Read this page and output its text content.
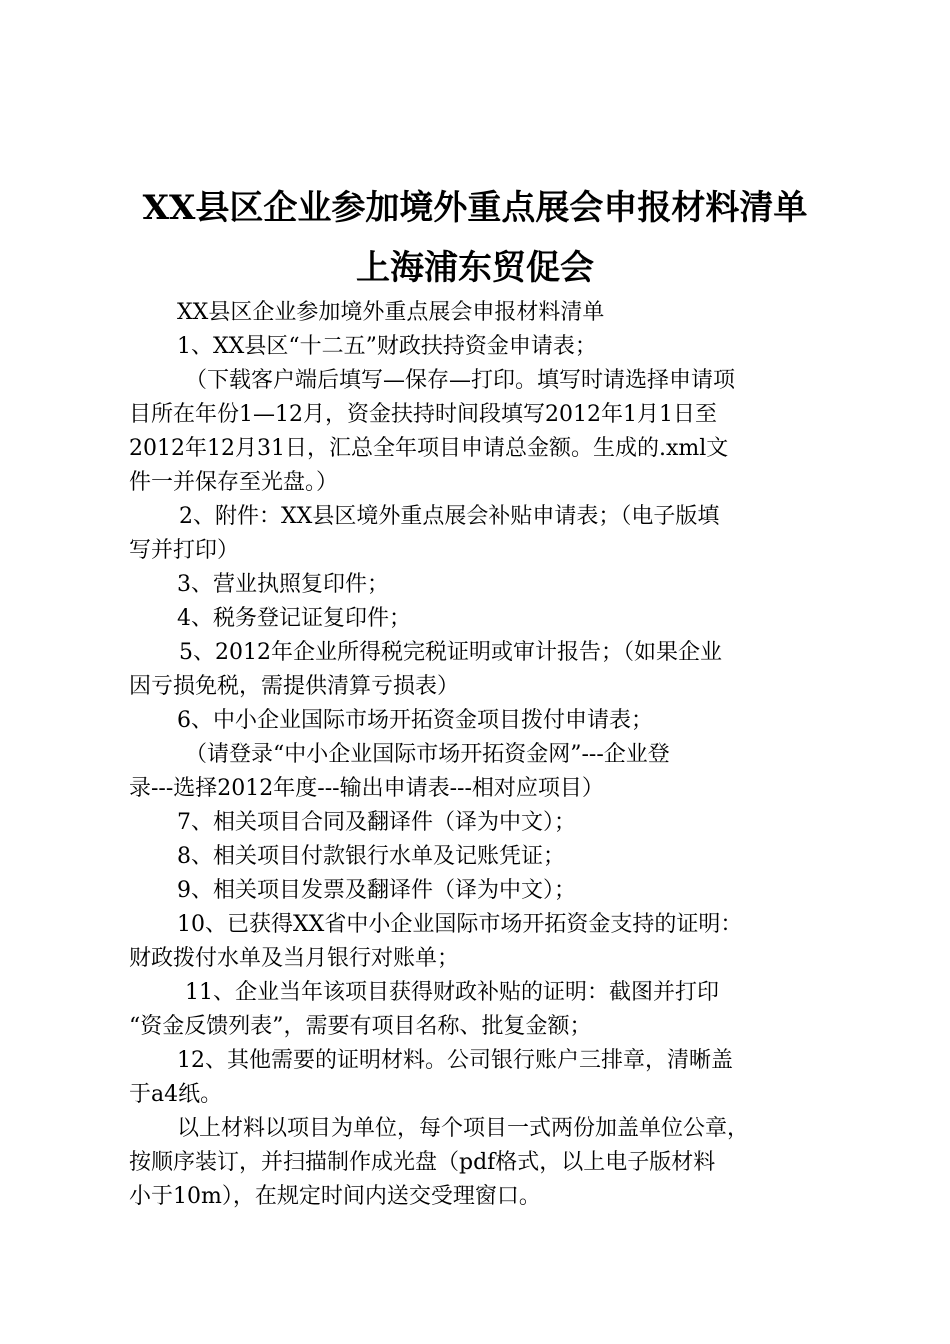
XX县区企业参加境外重点展会申报材料清单
上海浦东贸促会
XX县区企业参加境外重点展会申报材料清单
1、XX县区“十二五”财政扶持资金申请表；
（下载客户端后填写—保存—打印。填写时请选择申请项
目所在年份1—12月，资金扶持时间段填写2012年1月1日至
2012年12月31日，汇总全年项目申请总金额。生成的.xml文
件一并保存至光盘。）
2、附件：XX县区境外重点展会补贴申请表；（电子版填
写并打印）
3、营业执照复印件；
4、税务登记证复印件；
5、2012年企业所得税完税证明或审计报告；（如果企业
因亏损免税，需提供清算亏损表）
6、中小企业国际市场开拓资金项目拨付申请表；
（请登录“中小企业国际市场开拓资金网”---企业登
录---选择2012年度---输出申请表---相对应项目）
7、相关项目合同及翻译件（译为中文）；
8、相关项目付款银行水单及记账凭证；
9、相关项目发票及翻译件（译为中文）；
10、已获得XX省中小企业国际市场开拓资金支持的证明：
财政拨付水单及当月银行对账单；
11、企业当年该项目获得财政补贴的证明：截图并打印
“资金反馈列表”，需要有项目名称、批复金额；
12、其他需要的证明材料。公司银行账户三排章，清晰盖
于a4纸。
以上材料以项目为单位，每个项目一式两份加盖单位公章，
按顺序装订，并扫描制作成光盘（pdf格式，以上电子版材料
小于10m），在规定时间内送交受理窗口。
